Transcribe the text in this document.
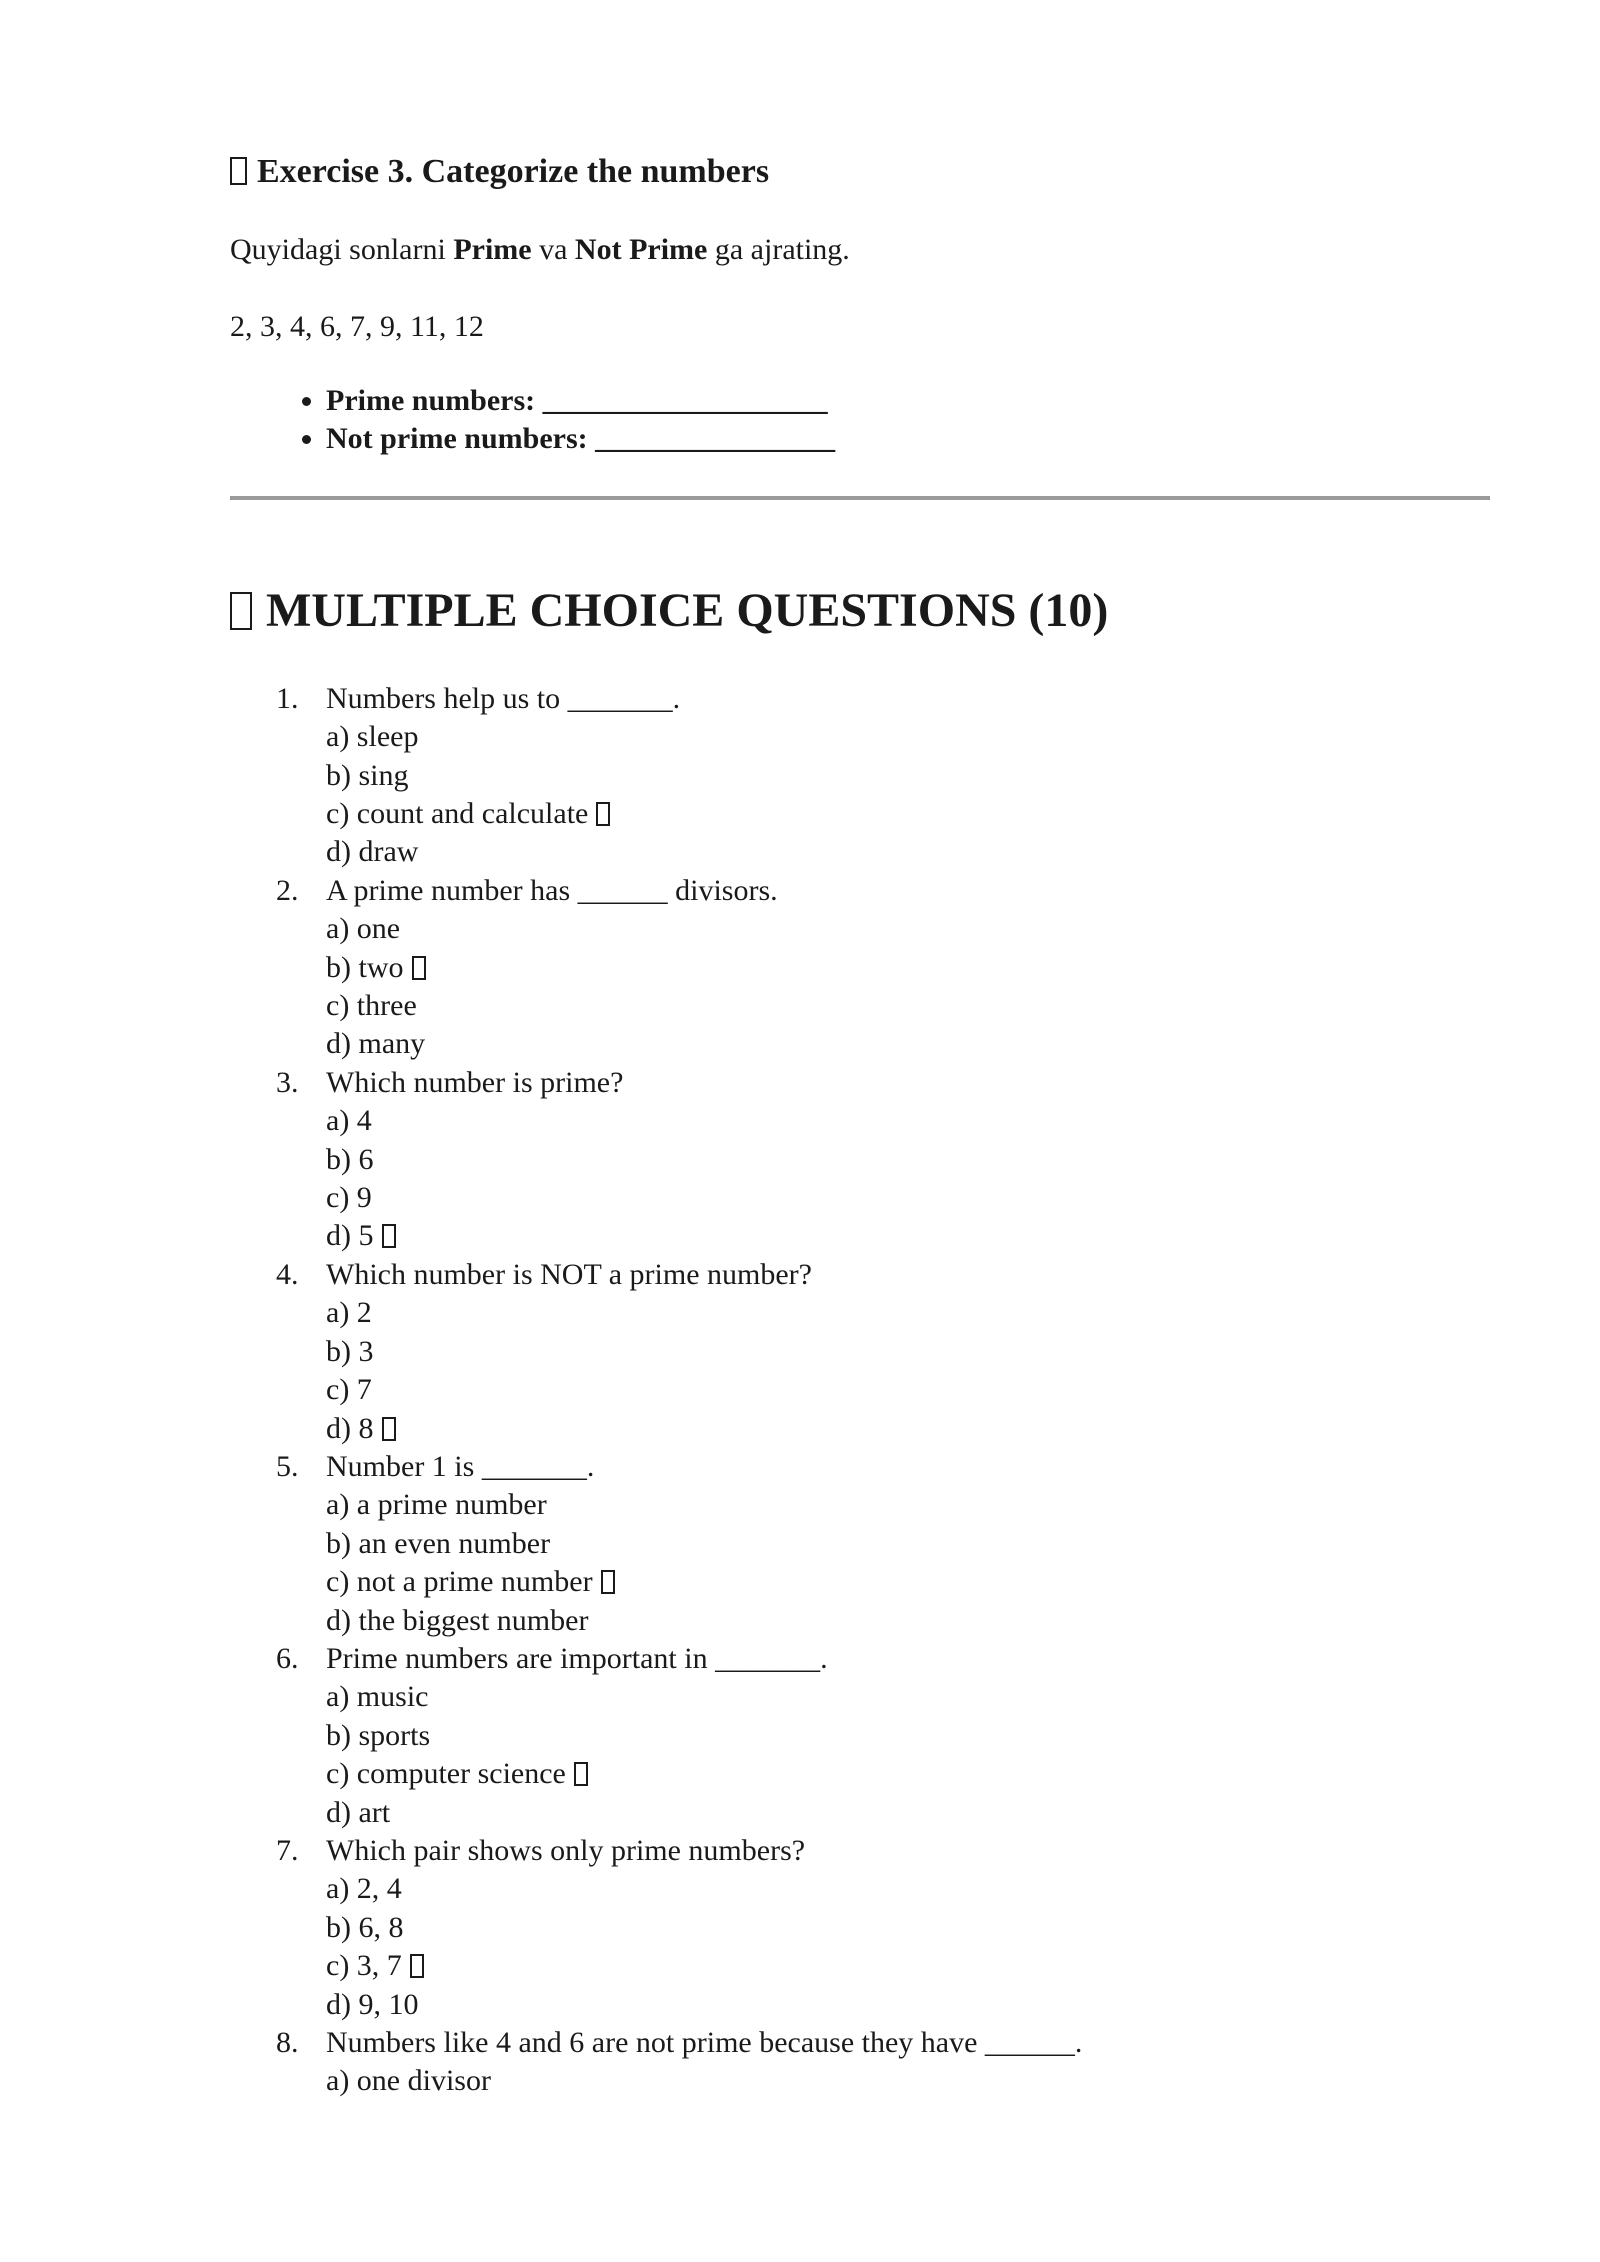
Exercise 3. Categorize the numbers

Quyidagi sonlarni Prime va Not Prime ga ajrating.

2, 3, 4, 6, 7, 9, 11, 12

• Prime numbers: ___________________
• Not prime numbers: ________________
MULTIPLE CHOICE QUESTIONS (10)
1. Numbers help us to _______.
a) sleep
b) sing
c) count and calculate
d) draw
2. A prime number has ______ divisors.
a) one
b) two
c) three
d) many
3. Which number is prime?
a) 4
b) 6
c) 9
d) 5
4. Which number is NOT a prime number?
a) 2
b) 3
c) 7
d) 8
5. Number 1 is _______.
a) a prime number
b) an even number
c) not a prime number
d) the biggest number
6. Prime numbers are important in _______.
a) music
b) sports
c) computer science
d) art
7. Which pair shows only prime numbers?
a) 2, 4
b) 6, 8
c) 3, 7
d) 9, 10
8. Numbers like 4 and 6 are not prime because they have ______.
a) one divisor
